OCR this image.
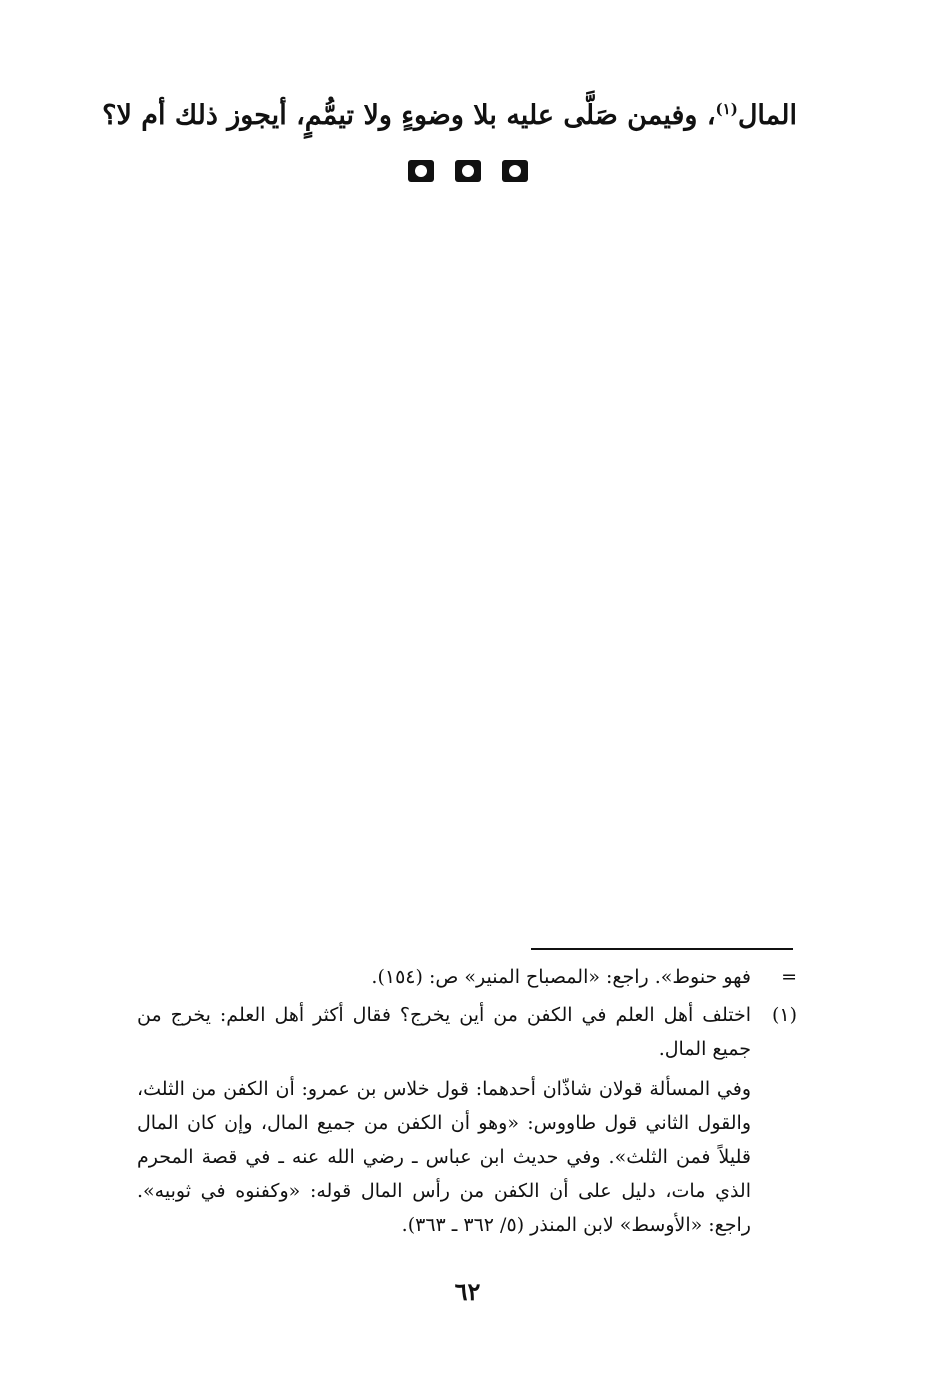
المال$^{(١)}$، وفيمن صَلَّى عليه بلا وضوءٍ ولا تيمُّمٍ، أيجوز ذلك أم لا؟

=

فهو حنوط». راجع: «المصباح المنير» ص: (١٥٤).

(١)

اختلف أهل العلم في الكفن من أين يخرج؟ فقال أكثر أهل العلم: يخرج من جميع المال.

وفي المسألة قولان شاذّان أحدهما: قول خلاس بن عمرو: أن الكفن من الثلث، والقول الثاني قول طاووس: «وهو أن الكفن من جميع المال، وإن كان المال قليلاً فمن الثلث». وفي حديث ابن عباس ـ رضي الله عنه ـ في قصة المحرم الذي مات، دليل على أن الكفن من رأس المال قوله: «وكفنوه في ثوبيه». راجع: «الأوسط» لابن المنذر (٥/ ٣٦٢ ـ ٣٦٣).

٦٢
